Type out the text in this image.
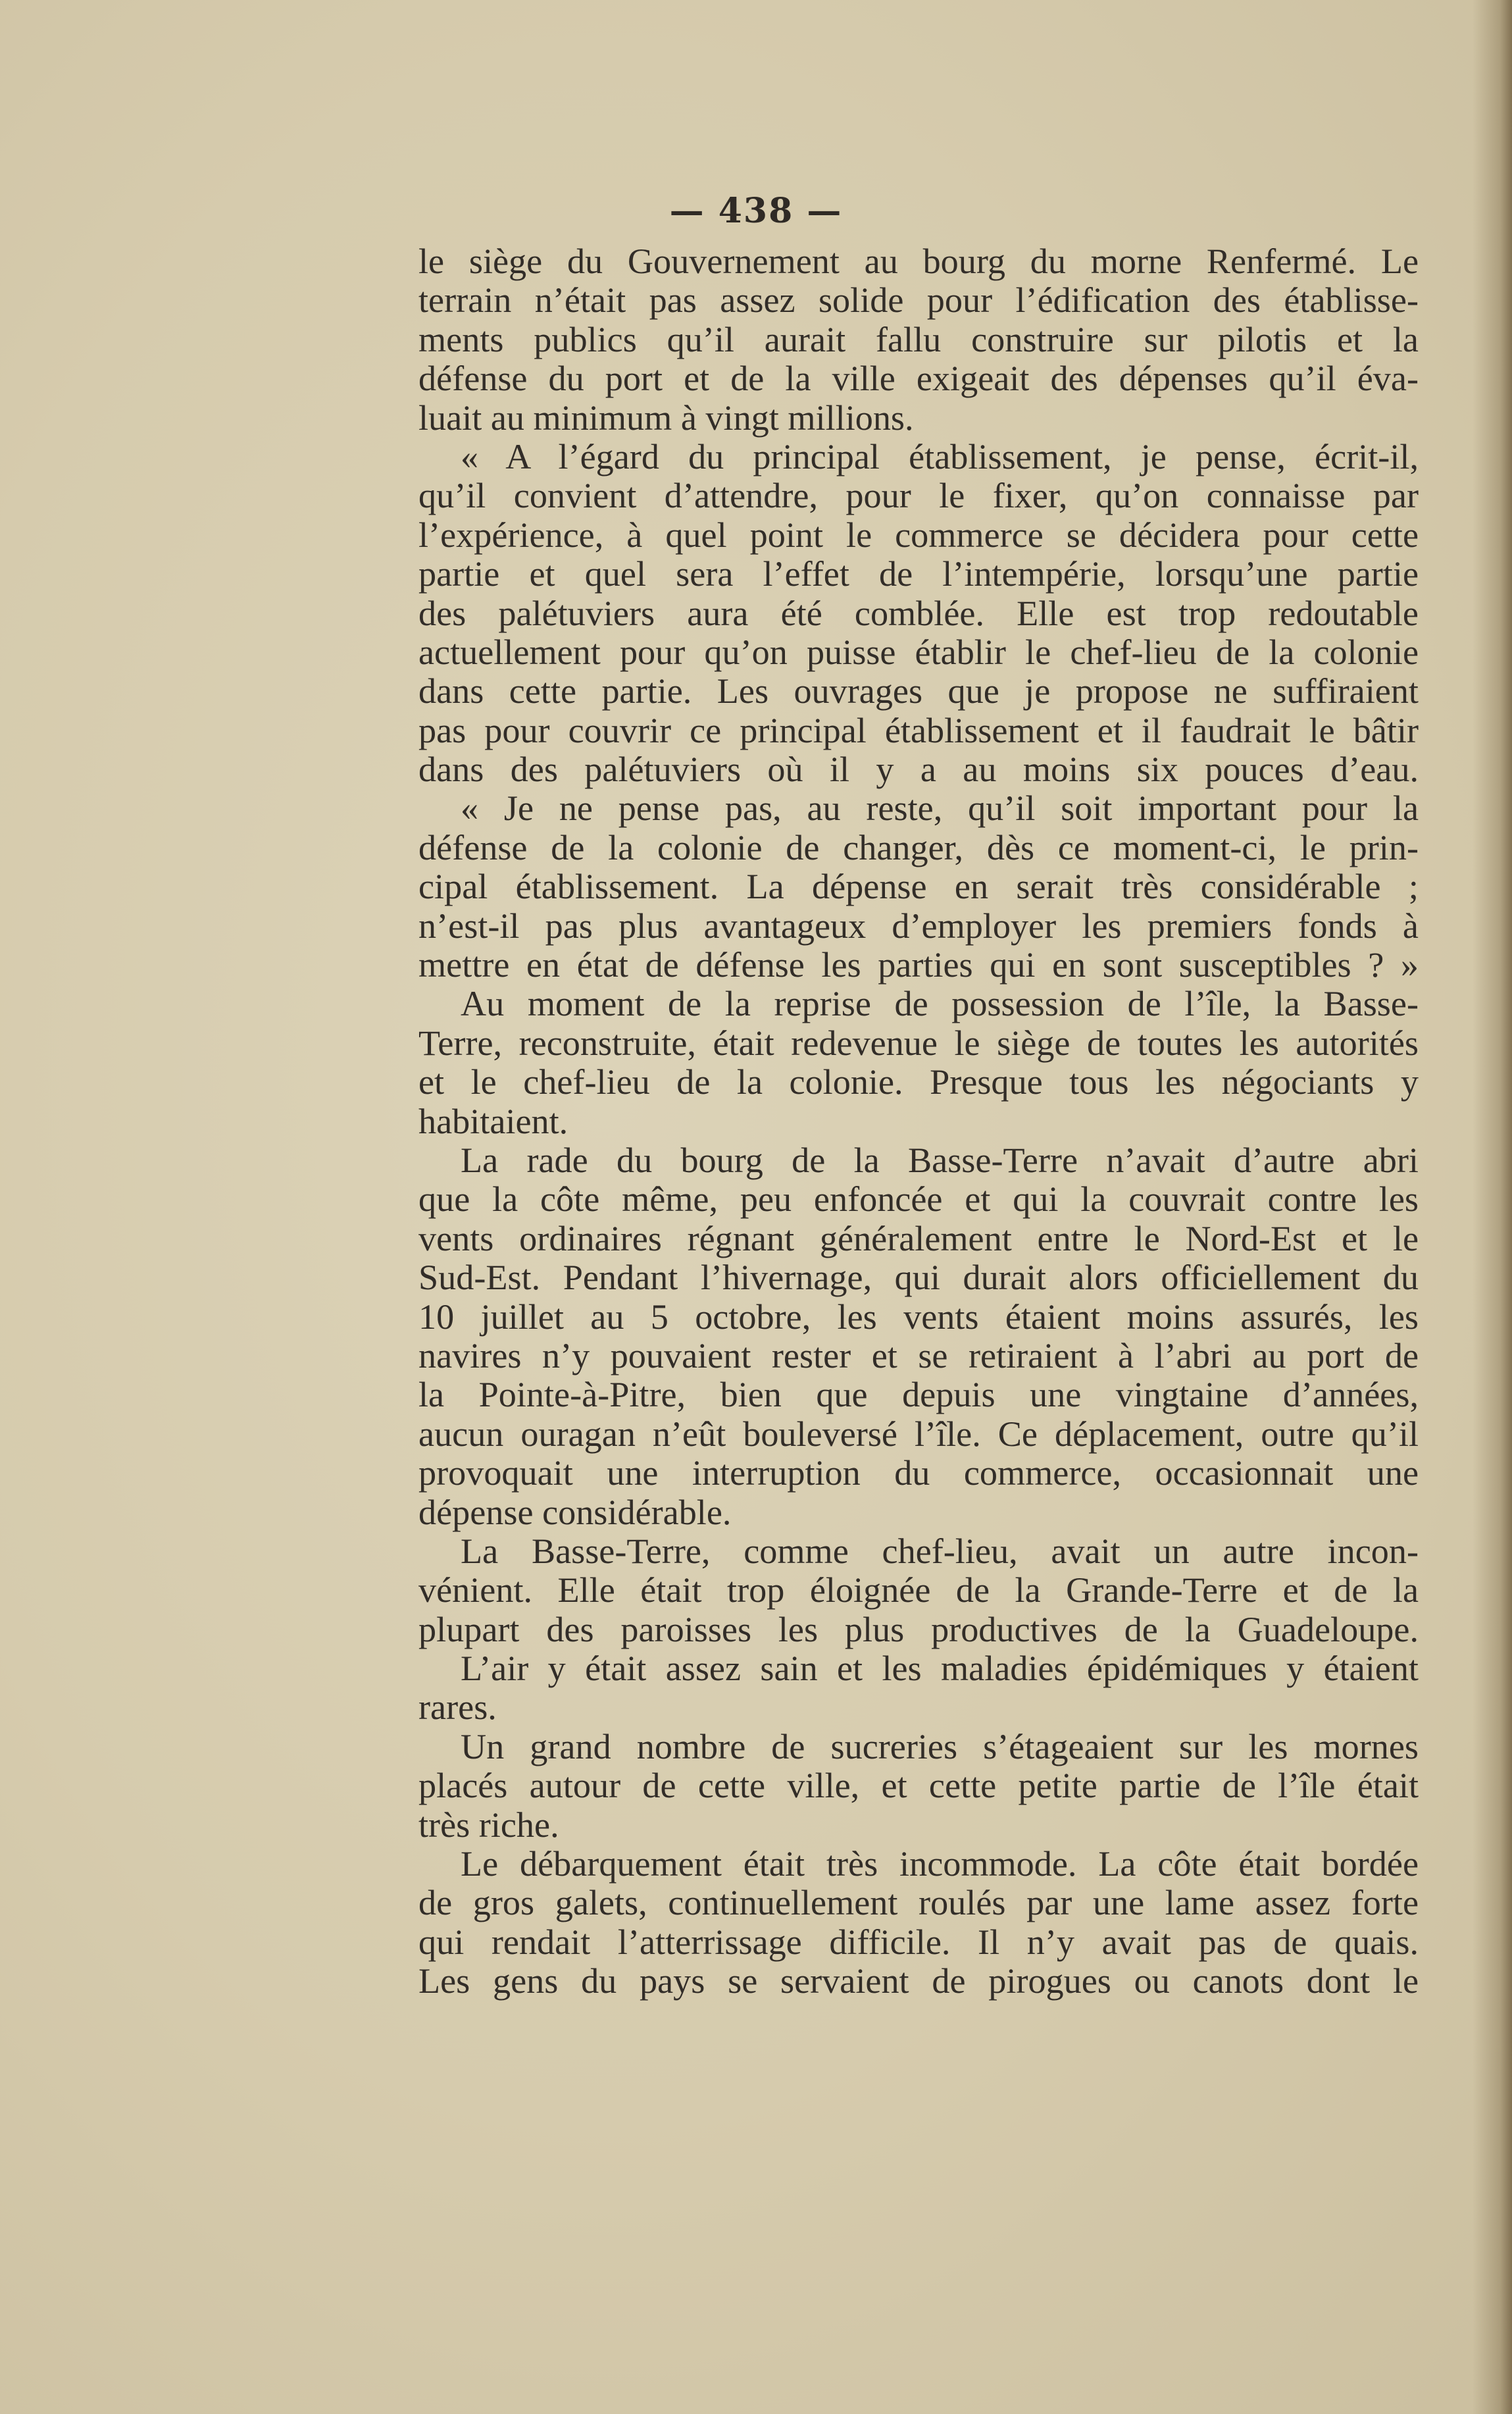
— 438 —
le siège du Gouvernement au bourg du morne Renfermé. Le
terrain n’était pas assez solide pour l’édification des établisse-
ments publics qu’il aurait fallu construire sur pilotis et la
défense du port et de la ville exigeait des dépenses qu’il éva-
luait au minimum à vingt millions.
« A l’égard du principal établissement, je pense, écrit-il,
qu’il convient d’attendre, pour le fixer, qu’on connaisse par
l’expérience, à quel point le commerce se décidera pour cette
partie et quel sera l’effet de l’intempérie, lorsqu’une partie
des palétuviers aura été comblée. Elle est trop redoutable
actuellement pour qu’on puisse établir le chef-lieu de la colonie
dans cette partie. Les ouvrages que je propose ne suffiraient
pas pour couvrir ce principal établissement et il faudrait le bâtir
dans des palétuviers où il y a au moins six pouces d’eau.
« Je ne pense pas, au reste, qu’il soit important pour la
défense de la colonie de changer, dès ce moment-ci, le prin-
cipal établissement. La dépense en serait très considérable ;
n’est-il pas plus avantageux d’employer les premiers fonds à
mettre en état de défense les parties qui en sont susceptibles ? »
Au moment de la reprise de possession de l’île, la Basse-
Terre, reconstruite, était redevenue le siège de toutes les autorités
et le chef-lieu de la colonie. Presque tous les négociants y
habitaient.
La rade du bourg de la Basse-Terre n’avait d’autre abri
que la côte même, peu enfoncée et qui la couvrait contre les
vents ordinaires régnant généralement entre le Nord-Est et le
Sud-Est. Pendant l’hivernage, qui durait alors officiellement du
10 juillet au 5 octobre, les vents étaient moins assurés, les
navires n’y pouvaient rester et se retiraient à l’abri au port de
la Pointe-à-Pitre, bien que depuis une vingtaine d’années,
aucun ouragan n’eût bouleversé l’île. Ce déplacement, outre qu’il
provoquait une interruption du commerce, occasionnait une
dépense considérable.
La Basse-Terre, comme chef-lieu, avait un autre incon-
vénient. Elle était trop éloignée de la Grande-Terre et de la
plupart des paroisses les plus productives de la Guadeloupe.
L’air y était assez sain et les maladies épidémiques y étaient
rares.
Un grand nombre de sucreries s’étageaient sur les mornes
placés autour de cette ville, et cette petite partie de l’île était
très riche.
Le débarquement était très incommode. La côte était bordée
de gros galets, continuellement roulés par une lame assez forte
qui rendait l’atterrissage difficile. Il n’y avait pas de quais.
Les gens du pays se servaient de pirogues ou canots dont le
